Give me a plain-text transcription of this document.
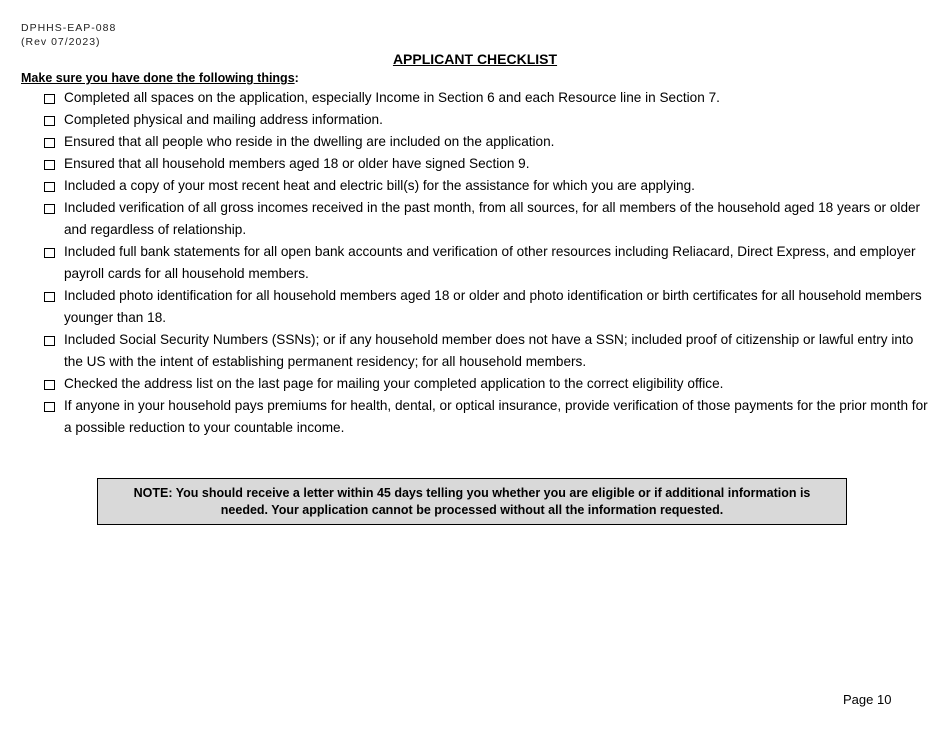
DPHHS-EAP-088
(Rev 07/2023)
APPLICANT CHECKLIST
Make sure you have done the following things:
Completed all spaces on the application, especially Income in Section 6 and each Resource line in Section 7.
Completed physical and mailing address information.
Ensured that all people who reside in the dwelling are included on the application.
Ensured that all household members aged 18 or older have signed Section 9.
Included a copy of your most recent heat and electric bill(s) for the assistance for which you are applying.
Included verification of all gross incomes received in the past month, from all sources, for all members of the household aged 18 years or older and regardless of relationship.
Included full bank statements for all open bank accounts and verification of other resources including Reliacard, Direct Express, and employer payroll cards for all household members.
Included photo identification for all household members aged 18 or older and photo identification or birth certificates for all household members younger than 18.
Included Social Security Numbers (SSNs); or if any household member does not have a SSN; included proof of citizenship or lawful entry into the US with the intent of establishing permanent residency; for all household members.
Checked the address list on the last page for mailing your completed application to the correct eligibility office.
If anyone in your household pays premiums for health, dental, or optical insurance, provide verification of those payments for the prior month for a possible reduction to your countable income.
NOTE: You should receive a letter within 45 days telling you whether you are eligible or if additional information is needed. Your application cannot be processed without all the information requested.
Page 10
